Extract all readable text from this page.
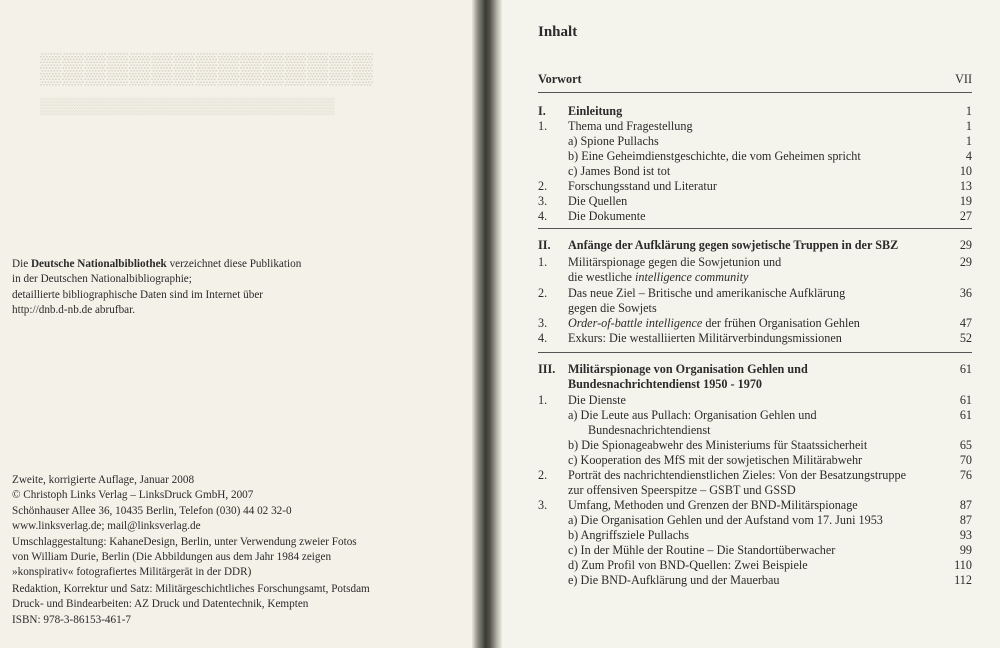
▒▒▒▒▒▒▒▒▒▒▒▒▒▒▒
▒▒▒▒▒▒▒▒▒▒▒▒▒▒▒▒▒▒▒▒▒▒▒▒▒▒
Die Deutsche Nationalbibliothek verzeichnet diese Publikation
in der Deutschen Nationalbibliographie;
detaillierte bibliographische Daten sind im Internet über
http://dnb.d-nb.de abrufbar.
Zweite, korrigierte Auflage, Januar 2008
© Christoph Links Verlag – LinksDruck GmbH, 2007
Schönhauser Allee 36, 10435 Berlin, Telefon (030) 44 02 32-0
www.linksverlag.de; mail@linksverlag.de
Umschlaggestaltung: KahaneDesign, Berlin, unter Verwendung zweier Fotos
von William Durie, Berlin (Die Abbildungen aus dem Jahr 1984 zeigen
»konspirativ« fotografiertes Militärgerät in der DDR)
Redaktion, Korrektur und Satz: Militärgeschichtliches Forschungsamt, Potsdam
Druck- und Bindearbeiten: AZ Druck und Datentechnik, Kempten
ISBN: 978-3-86153-461-7
Inhalt
Vorwort	VII
I. Einleitung	1
1. Thema und Fragestellung	1
a) Spione Pullachs	1
b) Eine Geheimdienstgeschichte, die vom Geheimen spricht	4
c) James Bond ist tot	10
2. Forschungsstand und Literatur	13
3. Die Quellen	19
4. Die Dokumente	27
II. Anfänge der Aufklärung gegen sowjetische Truppen in der SBZ	29
1. Militärspionage gegen die Sowjetunion und	29
die westliche intelligence community
2. Das neue Ziel – Britische und amerikanische Aufklärung	36
gegen die Sowjets
3. Order-of-battle intelligence der frühen Organisation Gehlen	47
4. Exkurs: Die westalliierten Militärverbindungsmissionen	52
III. Militärspionage von Organisation Gehlen und	61
Bundesnachrichtendienst 1950 - 1970
1. Die Dienste	61
a) Die Leute aus Pullach: Organisation Gehlen und	61
Bundesnachrichtendienst
b) Die Spionageabwehr des Ministeriums für Staatssicherheit	65
c) Kooperation des MfS mit der sowjetischen Militärabwehr	70
2. Porträt des nachrichtendienstlichen Zieles: Von der Besatzungstruppe	76
zur offensiven Speerspitze – GSBT und GSSD
3. Umfang, Methoden und Grenzen der BND-Militärspionage	87
a) Die Organisation Gehlen und der Aufstand vom 17. Juni 1953	87
b) Angriffsziele Pullachs	93
c) In der Mühle der Routine – Die Standortüberwacher	99
d) Zum Profil von BND-Quellen: Zwei Beispiele	110
e) Die BND-Aufklärung und der Mauerbau	112
